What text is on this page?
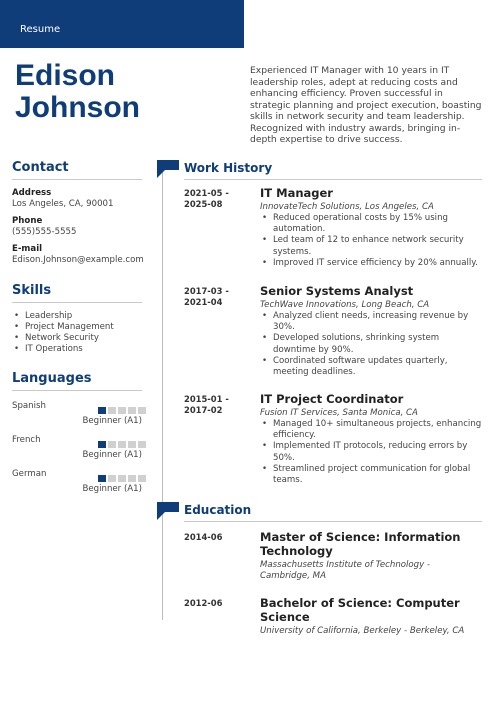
Resume
Edison
Johnson
Experienced IT Manager with 10 years in IT leadership roles, adept at reducing costs and enhancing efficiency. Proven successful in strategic planning and project execution, boasting skills in network security and team leadership. Recognized with industry awards, bringing in-depth expertise to drive success.
Contact
Address
Los Angeles, CA, 90001
Phone
(555)555-5555
E-mail
Edison.Johnson@example.com
Skills
• Leadership
• Project Management
• Network Security
• IT Operations
Languages
Spanish
Beginner (A1)
French
Beginner (A1)
German
Beginner (A1)
Work History
2021-05 -
2025-08
IT Manager
InnovateTech Solutions, Los Angeles, CA
• Reduced operational costs by 15% using automation.
• Led team of 12 to enhance network security systems.
• Improved IT service efficiency by 20% annually.
2017-03 -
2021-04
Senior Systems Analyst
TechWave Innovations, Long Beach, CA
• Analyzed client needs, increasing revenue by 30%.
• Developed solutions, shrinking system downtime by 90%.
• Coordinated software updates quarterly, meeting deadlines.
2015-01 -
2017-02
IT Project Coordinator
Fusion IT Services, Santa Monica, CA
• Managed 10+ simultaneous projects, enhancing efficiency.
• Implemented IT protocols, reducing errors by 50%.
• Streamlined project communication for global teams.
Education
2014-06	Master of Science: Information Technology
Massachusetts Institute of Technology - Cambridge, MA
2012-06	Bachelor of Science: Computer Science
University of California, Berkeley - Berkeley, CA
